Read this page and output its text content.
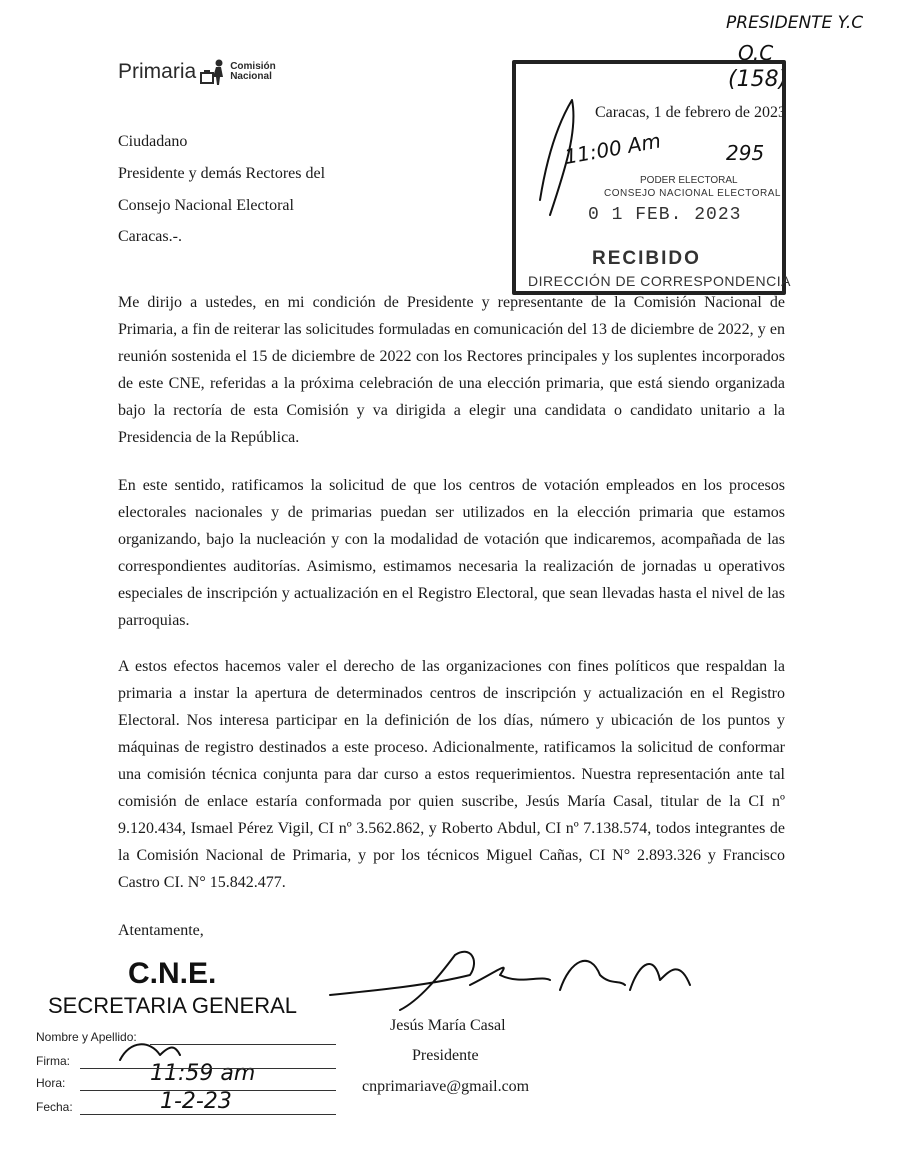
Primaria	Comisión
Nacional
PRESIDENTE Y.C
O.C
(158)
11:00 Am	295
11:59 am
1-2-23
Caracas, 1 de febrero de 2023
PODER ELECTORAL
CONSEJO NACIONAL ELECTORAL
0 1 FEB. 2023
RECIBIDO
DIRECCIÓN DE CORRESPONDENCIA
Ciudadano
Presidente y demás Rectores del
Consejo Nacional Electoral
Caracas.-.

Me dirijo a ustedes, en mi condición de Presidente y representante de la Comisión Nacional de Primaria, a fin de reiterar las solicitudes formuladas en comunicación del 13 de diciembre de 2022, y en reunión sostenida el 15 de diciembre de 2022 con los Rectores principales y los suplentes incorporados de este CNE, referidas a la próxima celebración de una elección primaria, que está siendo organizada bajo la rectoría de esta Comisión y va dirigida a elegir una candidata o candidato unitario a la Presidencia de la República.

En este sentido, ratificamos la solicitud de que los centros de votación empleados en los procesos electorales nacionales y de primarias puedan ser utilizados en la elección primaria que estamos organizando, bajo la nucleación y con la modalidad de votación que indicaremos, acompañada de las correspondientes auditorías. Asimismo, estimamos necesaria la realización de jornadas u operativos especiales de inscripción y actualización en el Registro Electoral, que sean llevadas hasta el nivel de las parroquias.

A estos efectos hacemos valer el derecho de las organizaciones con fines políticos que respaldan la primaria a instar la apertura de determinados centros de inscripción y actualización en el Registro Electoral. Nos interesa participar en la definición de los días, número y ubicación de los puntos y máquinas de registro destinados a este proceso. Adicionalmente, ratificamos la solicitud de conformar una comisión técnica conjunta para dar curso a estos requerimientos. Nuestra representación ante tal comisión de enlace estaría conformada por quien suscribe, Jesús María Casal, titular de la CI nº 9.120.434, Ismael Pérez Vigil, CI nº 3.562.862, y Roberto Abdul, CI nº 7.138.574, todos integrantes de la Comisión Nacional de Primaria, y por los técnicos Miguel Cañas, CI N° 2.893.326 y Francisco Castro CI. N° 15.842.477.

Atentamente,
Jesús María Casal
Presidente
cnprimariave@gmail.com
C.N.E.
SECRETARIA GENERAL
Nombre y Apellido:
Firma:
Hora:
Fecha:
